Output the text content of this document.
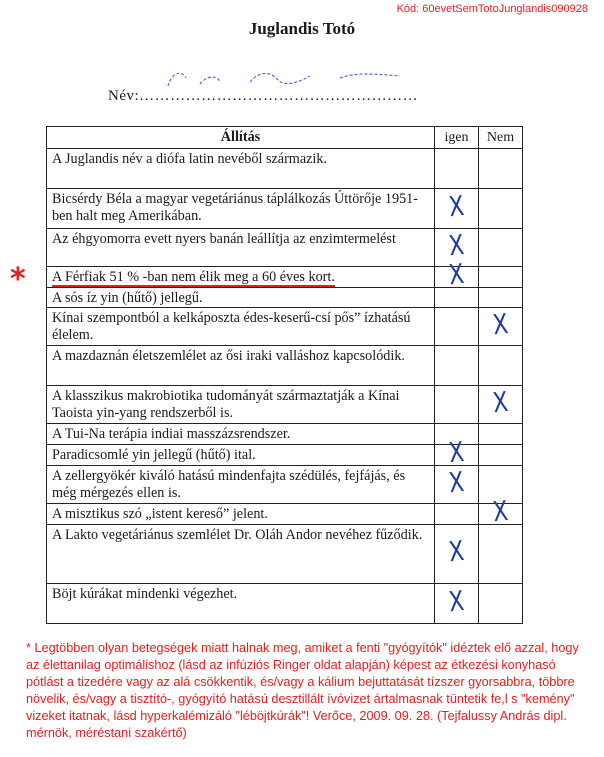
Kód: 60evetSemTotoJunglandis090928
Juglandis Totó
Név:………………………………………………
*
Állítás	igen	Nem
A Juglandis név a diófa latin nevéből származik.		
Bicsérdy Béla a magyar vegetáriánus táplálkozás Úttörője 1951-ben halt meg Amerikában.	X	
Az éhgyomorra evett nyers banán leállítja az enzimtermelést	X	
A Férfiak 51 % -ban nem élik meg a 60 éves kort.	X	
A sós íz yin (hűtő) jellegű.		
Kínai szempontból a kelkáposzta édes-keserű-csí pős” ízhatású élelem.		X
A mazdaznán életszemlélet az ősi iraki valláshoz kapcsolódik.		
A klasszikus makrobiotika tudományát származtatják a Kínai Taoista yin-yang rendszerből is.		X
A Tui-Na terápia indiai masszázsrendszer.		
Paradicsomlé yin jellegű (hűtő) ital.	X	
A zellergyökér kiváló hatású mindenfajta szédülés, fejfájás, és még mérgezés ellen is.	X	
A misztikus szó „istent kereső” jelent.		X
A Lakto vegetáriánus szemlélet Dr. Oláh Andor nevéhez fűződik.	X	
Böjt kúrákat mindenki végezhet.	X	
* Legtöbben olyan betegségek miatt halnak meg, amiket a fenti "gyógyítók" idéztek elő azzal, hogy az élettanilag optimálishoz (lásd az infúziós Ringer oldat alapján) képest az étkezési konyhasó pótlást a tizedére vagy az alá csökkentik, és/vagy a kálium bejuttatását tízszer gyorsabbra, többre növelik, és/vagy a tisztító-, gyógyító hatású desztillált ívóvizet ártalmasnak tüntetik fe,l s "kemény" vizeket itatnak, lásd hyperkalémizáló "léböjtkúrák"! Verőce, 2009. 09. 28. (Tejfalussy András dipl. mérnök, méréstani szakértő)
